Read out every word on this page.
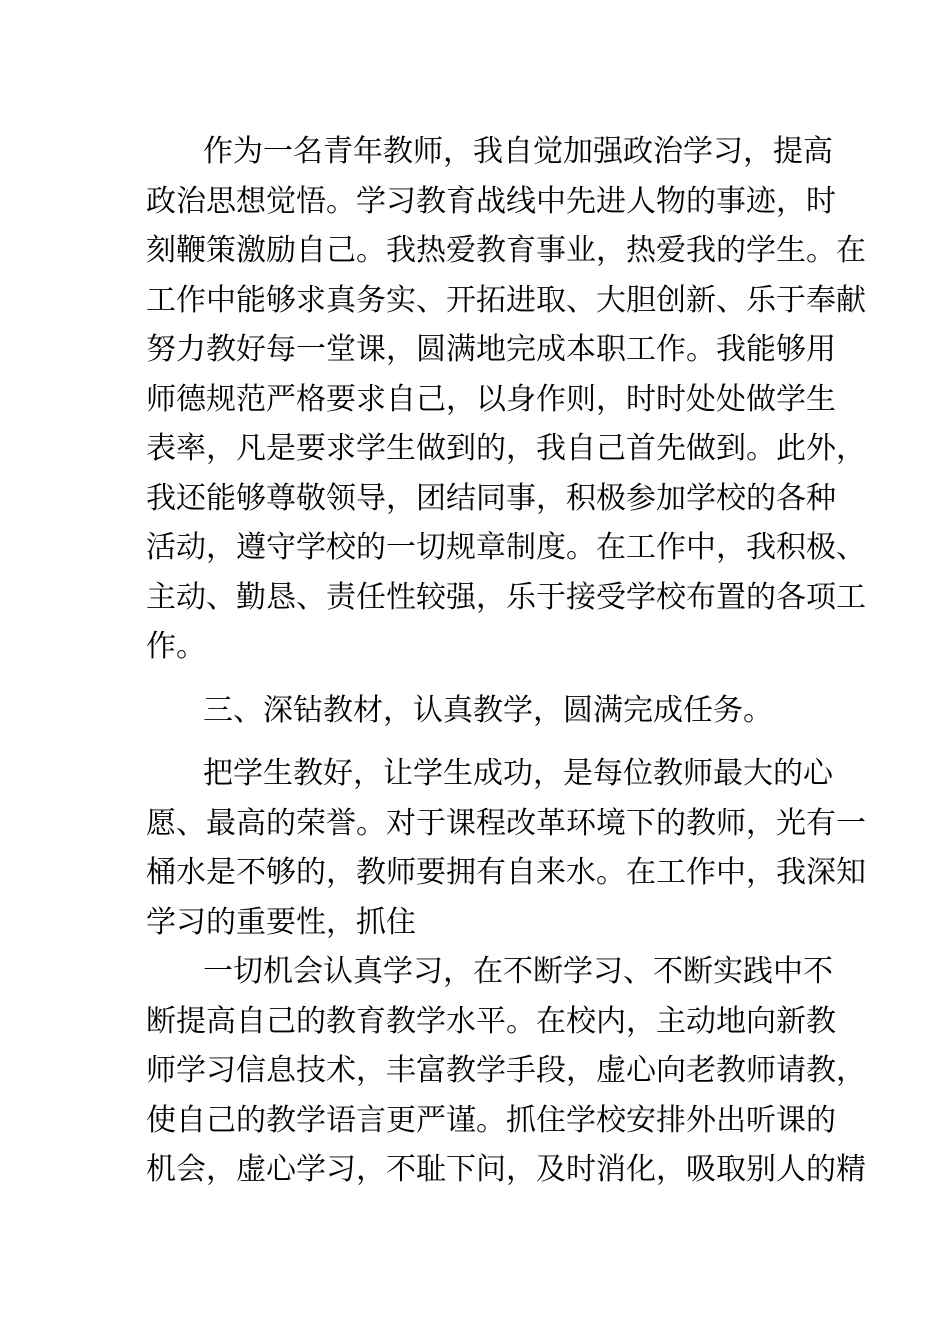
作为一名青年教师，我自觉加强政治学习，提高
政治思想觉悟。学习教育战线中先进人物的事迹，时
刻鞭策激励自己。我热爱教育事业，热爱我的学生。在
工作中能够求真务实、开拓进取、大胆创新、乐于奉献
努力教好每一堂课，圆满地完成本职工作。我能够用
师德规范严格要求自己，以身作则，时时处处做学生
表率，凡是要求学生做到的，我自己首先做到。此外，
我还能够尊敬领导，团结同事，积极参加学校的各种
活动，遵守学校的一切规章制度。在工作中，我积极、
主动、勤恳、责任性较强，乐于接受学校布置的各项工
作。
三、深钻教材，认真教学，圆满完成任务。
把学生教好，让学生成功，是每位教师最大的心
愿、最高的荣誉。对于课程改革环境下的教师，光有一
桶水是不够的，教师要拥有自来水。在工作中，我深知
学习的重要性，抓住
一切机会认真学习，在不断学习、不断实践中不
断提高自己的教育教学水平。在校内，主动地向新教
师学习信息技术，丰富教学手段，虚心向老教师请教，
使自己的教学语言更严谨。抓住学校安排外出听课的
机会，虚心学习，不耻下问，及时消化，吸取别人的精
